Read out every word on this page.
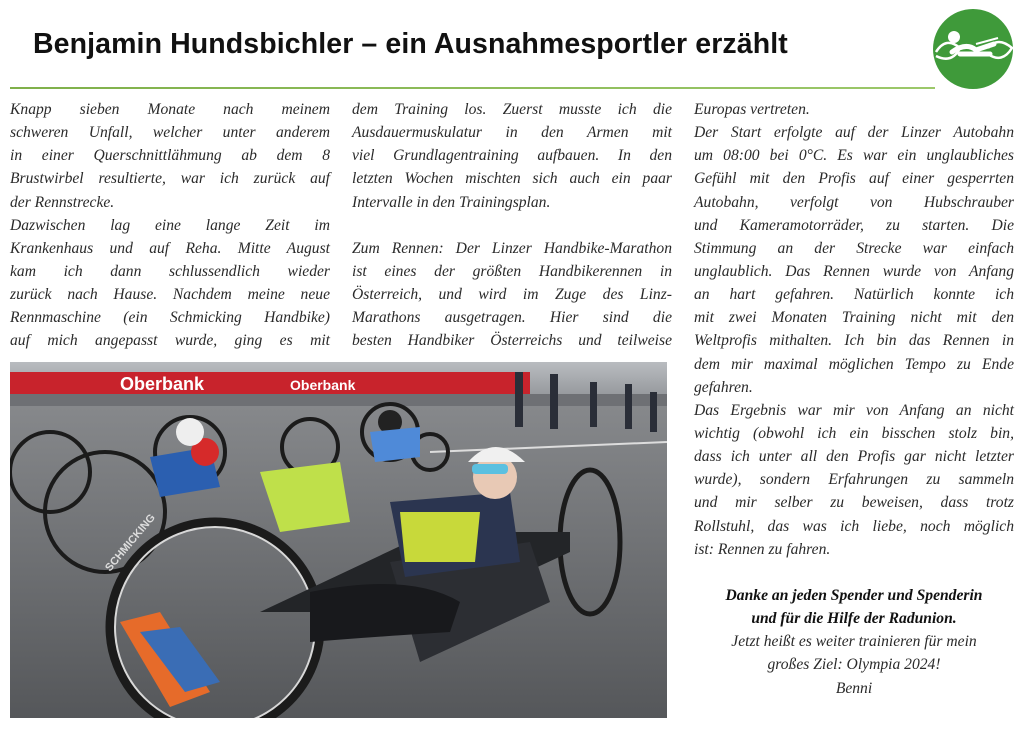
Benjamin Hundsbichler – ein Ausnahmesportler erzählt
Knapp sieben Monate nach meinem
schweren Unfall, welcher unter anderem
in einer Querschnittlähmung ab dem 8
Brustwirbel resultierte, war ich zurück auf
der Rennstrecke.
Dazwischen lag eine lange Zeit im
Krankenhaus und auf Reha. Mitte August
kam ich dann schlussendlich wieder
zurück nach Hause. Nachdem meine neue
Rennmaschine (ein Schmicking Handbike)
auf mich angepasst wurde, ging es mit
dem Training los. Zuerst musste ich die
Ausdauermuskulatur in den Armen mit
viel Grundlagentraining aufbauen. In den
letzten Wochen mischten sich auch ein paar
Intervalle in den Trainingsplan.
Zum Rennen: Der Linzer Handbike-Marathon
ist eines der größten Handbikerennen in
Österreich, und wird im Zuge des Linz-
Marathons ausgetragen. Hier sind die
besten Handbiker Österreichs und teilweise
Europas vertreten.
Der Start erfolgte auf der Linzer Autobahn
um 08:00 bei 0°C. Es war ein unglaubliches
Gefühl mit den Profis auf einer gesperrten
Autobahn, verfolgt von Hubschrauber
und Kameramotorräder, zu starten. Die
Stimmung an der Strecke war einfach
unglaublich. Das Rennen wurde von Anfang
an hart gefahren. Natürlich konnte ich
mit zwei Monaten Training nicht mit den
Weltprofis mithalten. Ich bin das Rennen in
dem mir maximal möglichen Tempo zu Ende
gefahren.
Das Ergebnis war mir von Anfang an nicht
wichtig (obwohl ich ein bisschen stolz bin,
dass ich unter all den Profis gar nicht letzter
wurde), sondern Erfahrungen zu sammeln
und mir selber zu beweisen, dass trotz
Rollstuhl, das was ich liebe, noch möglich
ist: Rennen zu fahren.
Danke an jeden Spender und Spenderin
und für die Hilfe der Radunion.
Jetzt heißt es weiter trainieren für mein
großes Ziel: Olympia 2024!
Benni
Oberbank	Oberbank
SCHMICKING
